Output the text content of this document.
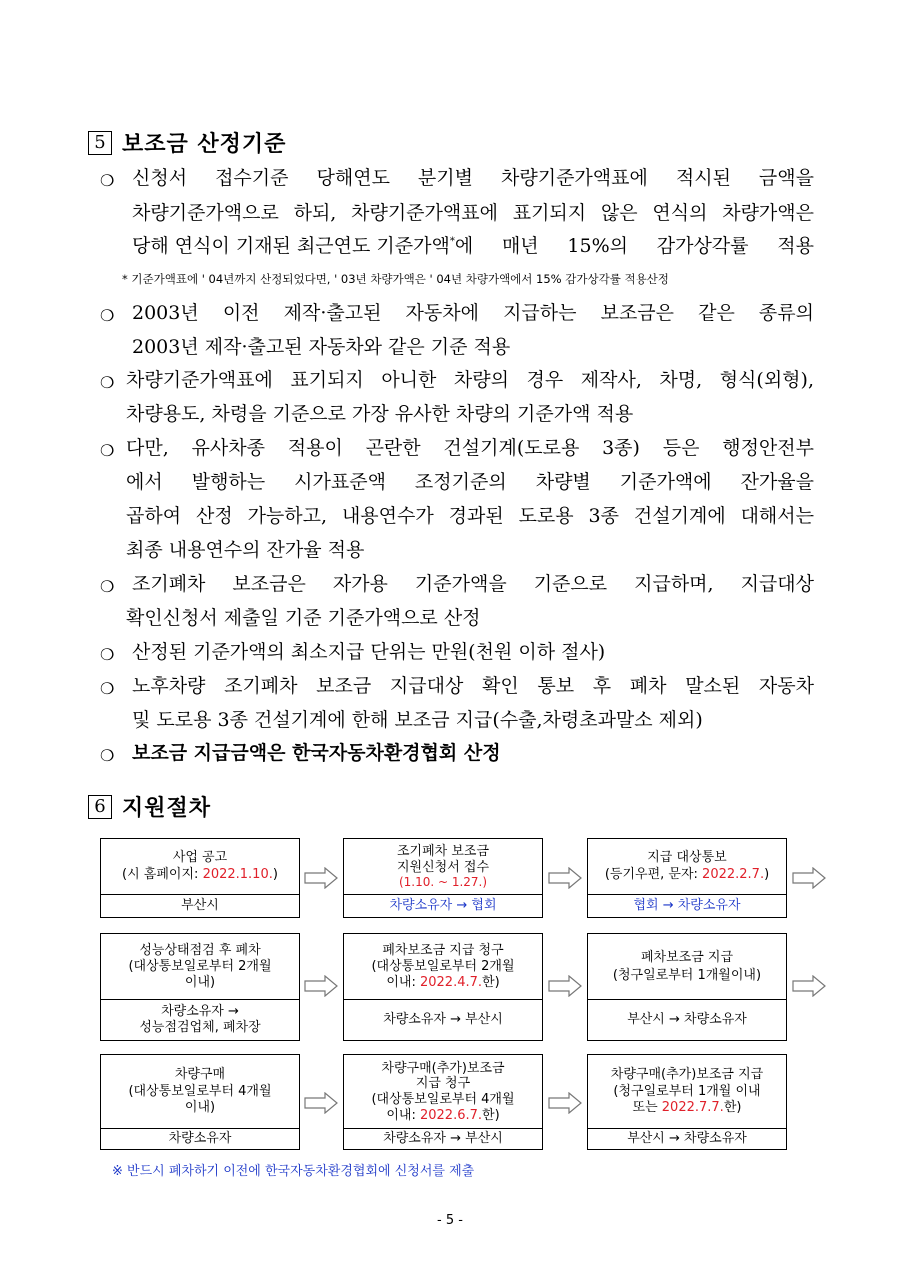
5 보조금 산정기준
❍ 신청서 접수기준 당해연도 분기별 차량기준가액표에 적시된 금액을
차량기준가액으로 하되, 차량기준가액표에 표기되지 않은 연식의 차량가액은
당해 연식이 기재된 최근연도 기준가액 * 에 매년 15%의 감가상각률 적용
* 기준가액표에 ' 04년까지 산정되었다면, ' 03년 차량가액은 ' 04년 차량가액에서 15% 감가상각률 적용산정
❍ 2003년 이전 제작·출고된 자동차에 지급하는 보조금은 같은 종류의
2003년 제작·출고된 자동차와 같은 기준 적용
❍ 차량기준가액표에 표기되지 아니한 차량의 경우 제작사, 차명, 형식(외형),
차량용도, 차령을 기준으로 가장 유사한 차량의 기준가액 적용
❍ 다만, 유사차종 적용이 곤란한 건설기계(도로용 3종) 등은 행정안전부
에서 발행하는 시가표준액 조정기준의 차량별 기준가액에 잔가율을
곱하여 산정 가능하고, 내용연수가 경과된 도로용 3종 건설기계에 대해서는
최종 내용연수의 잔가율 적용
❍ 조기폐차 보조금은 자가용 기준가액을 기준으로 지급하며, 지급대상
확인신청서 제출일 기준 기준가액으로 산정
❍ 산정된 기준가액의 최소지급 단위는 만원(천원 이하 절사)
❍ 노후차량 조기폐차 보조금 지급대상 확인 통보 후 폐차 말소된 자동차
및 도로용 3종 건설기계에 한해 보조금 지급(수출,차령초과말소 제외)
❍ 보조금 지급금액은 한국자동차환경협회 산정
6 지원절차
사업 공고
(시 홈페이지: 2022.1.10.)
부산시
조기폐차 보조금
지원신청서 접수
(1.10. ~ 1.27.)
차량소유자 → 협회
지급 대상통보
(등기우편, 문자: 2022.2.7.)
협회 → 차량소유자
성능상태점검 후 폐차
(대상통보일로부터 2개월
이내)
차량소유자 →
성능점검업체, 폐차장
폐차보조금 지급 청구
(대상통보일로부터 2개월
이내: 2022.4.7.한)
차량소유자 → 부산시
폐차보조금 지급
(청구일로부터 1개월이내)
부산시 → 차량소유자
차량구매
(대상통보일로부터 4개월
이내)
차량소유자
차량구매(추가)보조금
지급 청구
(대상통보일로부터 4개월
이내: 2022.6.7.한)
차량소유자 → 부산시
차량구매(추가)보조금 지급
(청구일로부터 1개월 이내
또는 2022.7.7.한)
부산시 → 차량소유자
※ 반드시 폐차하기 이전에 한국자동차환경협회에 신청서를 제출
- 5 -
